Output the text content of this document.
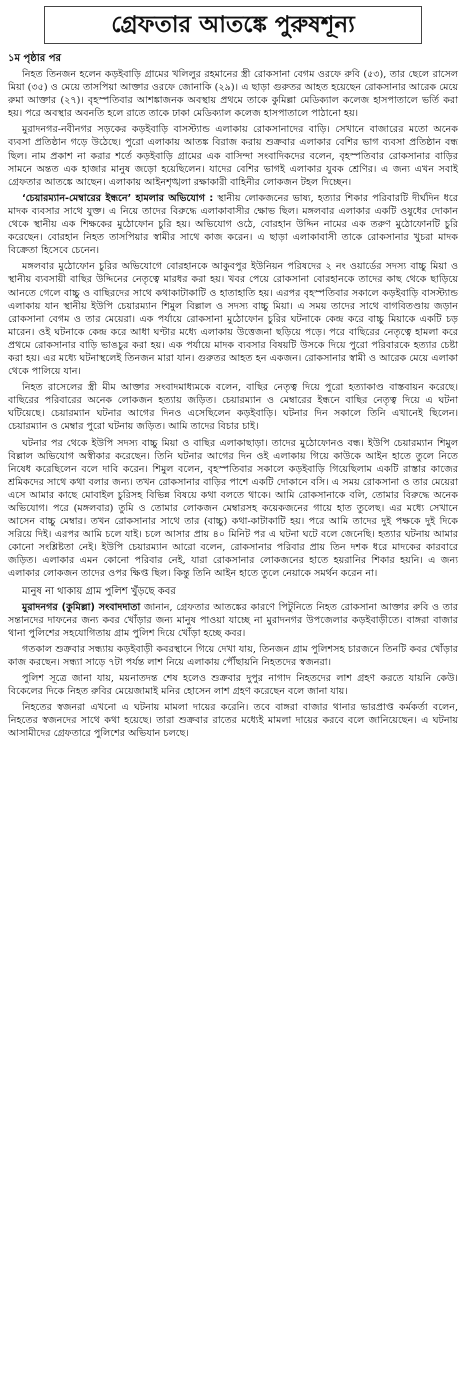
গ্রেফতার আতঙ্কে পুরুষশূন্য
১ম পৃষ্ঠার পর

নিহত তিনজন হলেন কড়ইবাড়ি গ্রামের খলিলুর রহমানের স্ত্রী রোকসানা বেগম ওরফে রুবি (৫৩), তার ছেলে রাসেল মিয়া (৩৫) ও মেয়ে তাসপিয়া আক্তার ওরফে জোনাকি (২৯)। এ ছাড়া গুরুতর আহত হয়েছেন রোকসানার আরেক মেয়ে রুমা আক্তার (২৭)। বৃহস্পতিবার আশঙ্কাজনক অবস্থায় প্রথমে তাকে কুমিল্লা মেডিক্যাল কলেজ হাসপাতালে ভর্তি করা হয়। পরে অবস্থার অবনতি হলে রাতে তাকে ঢাকা মেডিক্যাল কলেজ হাসপাতালে পাঠানো হয়।

মুরাদনগর-নবীনগর সড়কের কড়ইবাড়ি বাসস্ট্যান্ড এলাকায় রোকসানাদের বাড়ি। সেখানে বাজারের মতো অনেক ব্যবসা প্রতিষ্ঠান গড়ে উঠেছে। পুরো এলাকায় আতঙ্ক বিরাজ করায় শুক্রবার এলাকার বেশির ভাগ ব্যবসা প্রতিষ্ঠান বন্ধ ছিল। নাম প্রকাশ না করার শর্তে কড়ইবাড়ি গ্রামের এক বাসিন্দা সংবাদিকদের বলেন, বৃহস্পতিবার রোকসানার বাড়ির সামনে অন্তত এক হাজার মানুষ জড়ো হয়েছিলেন। যাদের বেশির ভাগই এলাকার যুবক শ্রেণির। এ জন্য এখন সবাই গ্রেফতার আতঙ্কে আছেন। এলাকায় আইনশৃঙ্খলা রক্ষাকারী বাহিনীর লোকজন টহল দিচ্ছেন।

‘চেয়ারম্যান-মেম্বারের ইন্ধনে’ হামলার অভিযোগ : স্থানীয় লোকজনের ভাষ্য, হত্যার শিকার পরিবারটি দীর্ঘদিন ধরে মাদক ব্যবসার সাথে যুক্ত। এ নিয়ে তাদের বিরুদ্ধে এলাকাবাসীর ক্ষোভ ছিল। মঙ্গলবার এলাকার একটি ওষুধের দোকান থেকে স্থানীয় এক শিক্ষকের মুঠোফোন চুরি হয়। অভিযোগ ওঠে, বোরহান উদ্দিন নামের এক তরুণ মুঠোফোনটি চুরি করেছেন। বোরহান নিহত তাসপিয়ার স্বামীর সাথে কাজ করেন। এ ছাড়া এলাকাবাসী তাকে রোকসানার খুচরা মাদক বিক্রেতা হিসেবে চেনেন।

মঙ্গলবার মুঠোফোন চুরির অভিযোগে বোরহানকে আকুবপুর ইউনিয়ন পরিষদের ২ নং ওয়ার্ডের সদস্য বাচ্চু মিয়া ও স্থানীয় ব্যবসায়ী বাছির উদ্দিনের নেতৃত্বে মারধর করা হয়। খবর পেয়ে রোকসানা বোরহানকে তাদের কাছ থেকে ছাড়িয়ে আনতে গেলে বাচ্চু ও বাছিরদের সাথে কথাকাটাকাটি ও হাতাহাতি হয়। এরপর বৃহস্পতিবার সকালে কড়ইবাড়ি বাসস্ট্যান্ড এলাকায় যান স্থানীয় ইউপি চেয়ারম্যান শিমুল বিল্লাল ও সদস্য বাচ্চু মিয়া। এ সময় তাদের সাথে বাগবিতণ্ডায় জড়ান রোকসানা বেগম ও তার মেয়েরা। এক পর্যায়ে রোকসানা মুঠোফোন চুরির ঘটনাকে কেন্দ্র করে বাচ্চু মিয়াকে একটি চড় মারেন। ওই ঘটনাকে কেন্দ্র করে আধা ঘণ্টার মধ্যে এলাকায় উত্তেজনা ছড়িয়ে পড়ে। পরে বাছিরের নেতৃত্বে হামলা করে প্রথমে রোকসানার বাড়ি ভাঙচুর করা হয়। এক পর্যায়ে মাদক ব্যবসার বিষয়টি উসকে দিয়ে পুরো পরিবারকে হত্যার চেষ্টা করা হয়। এর মধ্যে ঘটনাস্থলেই তিনজন মারা যান। গুরুতর আহত হন একজন। রোকসানার স্বামী ও আরেক মেয়ে এলাকা থেকে পালিয়ে যান।

নিহত রাসেলের স্ত্রী মীম আক্তার সংবাদমাধ্যমকে বলেন, বাছির নেতৃত্ব দিয়ে পুরো হত্যাকাণ্ড বাস্তবায়ন করেছে। বাছিরের পরিবারের অনেক লোকজন হত্যায় জড়িত। চেয়ারম্যান ও মেম্বারের ইন্ধনে বাছির নেতৃত্ব দিয়ে এ ঘটনা ঘটিয়েছে। চেয়ারম্যান ঘটনার আগের দিনও এসেছিলেন কড়ইবাড়ি। ঘটনার দিন সকালে তিনি এখানেই ছিলেন। চেয়ারম্যান ও মেম্বার পুরো ঘটনায় জড়িত। আমি তাদের বিচার চাই।

ঘটনার পর থেকে ইউপি সদস্য বাচ্চু মিয়া ও বাছির এলাকাছাড়া। তাদের মুঠোফোনও বন্ধ। ইউপি চেয়ারম্যান শিমুল বিল্লাল অভিযোগ অস্বীকার করেছেন। তিনি ঘটনার আগের দিন ওই এলাকায় গিয়ে কাউকে আইন হাতে তুলে নিতে নিষেধ করেছিলেন বলে দাবি করেন। শিমুল বলেন, বৃহস্পতিবার সকালে কড়ইবাড়ি গিয়েছিলাম একটি রাস্তার কাজের শ্রমিকদের সাথে কথা বলার জন্য। তখন রোকসানার বাড়ির পাশে একটি দোকানে বসি। এ সময় রোকসানা ও তার মেয়েরা এসে আমার কাছে মোবাইল চুরিসহ বিভিন্ন বিষয়ে কথা বলতে থাকে। আমি রোকসানাকে বলি, তোমার বিরুদ্ধে অনেক অভিযোগ। পরে (মঙ্গলবার) তুমি ও তোমার লোকজন মেম্বারসহ কয়েকজনের গায়ে হাত তুলেছ। এর মধ্যে সেখানে আসেন বাচ্চু মেম্বার। তখন রোকসানার সাথে তার (বাচ্চু) কথা-কাটাকাটি হয়। পরে আমি তাদের দুই পক্ষকে দুই দিকে সরিয়ে দিই। এরপর আমি চলে যাই। চলে আসার প্রায় ৪০ মিনিট পর এ ঘটনা ঘটে বলে জেনেছি। হত্যার ঘটনায় আমার কোনো সংশ্লিষ্টতা নেই। ইউপি চেয়ারম্যান আরো বলেন, রোকসানার পরিবার প্রায় তিন দশক ধরে মাদকের কারবারে জড়িত। এলাকার এমন কোনো পরিবার নেই, যারা রোকসানার লোকজনের হাতে হয়রানির শিকার হয়নি। এ জন্য এলাকার লোকজন তাদের ওপর ক্ষিপ্ত ছিল। কিন্তু তিনি আইন হাতে তুলে নেয়াকে সমর্থন করেন না।

মানুষ না থাকায় গ্রাম পুলিশ খুঁড়ছে কবর

মুরাদনগর (কুমিল্লা) সংবাদদাতা জানান, গ্রেফতার আতঙ্কের কারণে পিটুনিতে নিহত রোকসানা আক্তার রুবি ও তার সন্তানদের দাফনের জন্য কবর খোঁড়ার জন্য মানুষ পাওয়া যাচ্ছে না মুরাদনগর উপজেলার কড়ইবাড়ীতে। বাঙ্গরা বাজার থানা পুলিশের সহযোগিতায় গ্রাম পুলিশ দিয়ে খোঁড়া হচ্ছে কবর।

গতকাল শুক্রবার সন্ধ্যায় কড়ইবাড়ী কবরস্থানে গিয়ে দেখা যায়, তিনজন গ্রাম পুলিশসহ চারজনে তিনটি কবর খোঁড়ার কাজ করছেন। সন্ধ্যা সাড়ে ৭টা পর্যন্ত লাশ নিয়ে এলাকায় পৌঁছায়নি নিহতদের স্বজনরা।

পুলিশ সূত্রে জানা যায়, ময়নাতদন্ত শেষ হলেও শুক্রবার দুপুর নাগাদ নিহতদের লাশ গ্রহণ করতে যায়নি কেউ। বিকেলের দিকে নিহত রুবির মেয়েজামাই মনির হোসেন লাশ গ্রহণ করেছেন বলে জানা যায়।

নিহতের স্বজনরা এখনো এ ঘটনায় মামলা দায়ের করেনি। তবে বাঙ্গরা বাজার থানার ভারপ্রাপ্ত কর্মকর্তা বলেন, নিহতের স্বজনদের সাথে কথা হয়েছে। তারা শুক্রবার রাতের মধ্যেই মামলা দায়ের করবে বলে জানিয়েছেন। এ ঘটনায় আসামীদের গ্রেফতারে পুলিশের অভিযান চলছে।
